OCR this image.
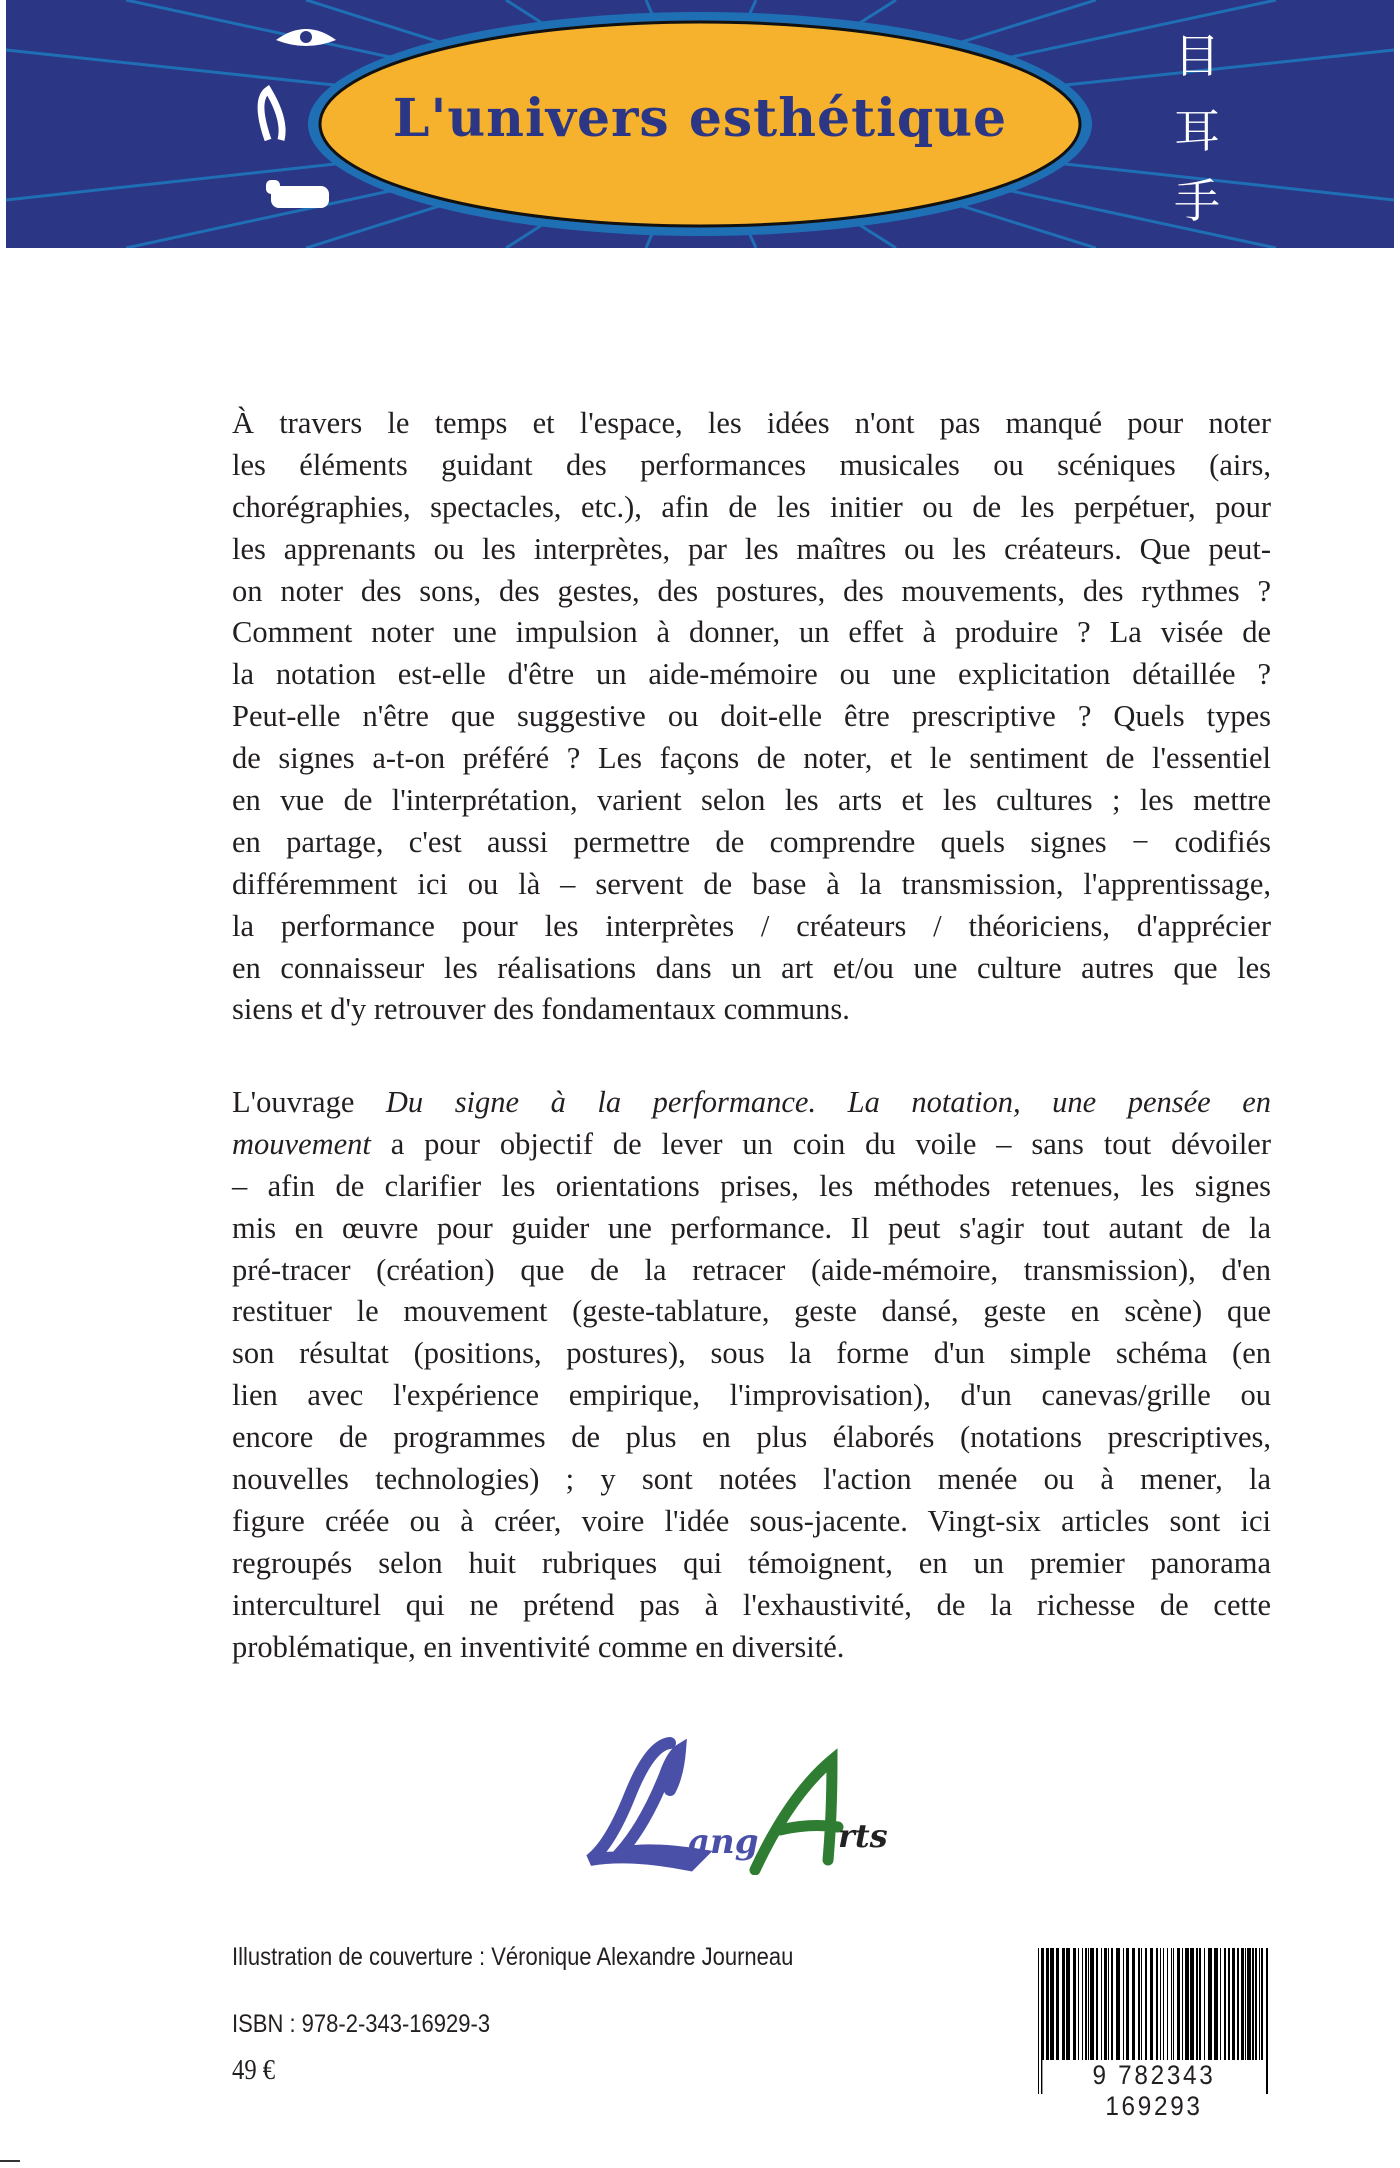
L'univers esthétique
目
耳
手
À travers le temps et l'espace, les idées n'ont pas manqué pour noter
les éléments guidant des performances musicales ou scéniques (airs,
chorégraphies, spectacles, etc.), afin de les initier ou de les perpétuer, pour
les apprenants ou les interprètes, par les maîtres ou les créateurs. Que peut-
on noter des sons, des gestes, des postures, des mouvements, des rythmes ?
Comment noter une impulsion à donner, un effet à produire ? La visée de
la notation est-elle d'être un aide-mémoire ou une explicitation détaillée ?
Peut-elle n'être que suggestive ou doit-elle être prescriptive ? Quels types
de signes a-t-on préféré ? Les façons de noter, et le sentiment de l'essentiel
en vue de l'interprétation, varient selon les arts et les cultures ; les mettre
en partage, c'est aussi permettre de comprendre quels signes − codifiés
différemment ici ou là – servent de base à la transmission, l'apprentissage,
la performance pour les interprètes / créateurs / théoriciens, d'apprécier
en connaisseur les réalisations dans un art et/ou une culture autres que les
siens et d'y retrouver des fondamentaux communs.
L'ouvrage Du signe à la performance. La notation, une pensée en
mouvement a pour objectif de lever un coin du voile – sans tout dévoiler
– afin de clarifier les orientations prises, les méthodes retenues, les signes
mis en œuvre pour guider une performance. Il peut s'agir tout autant de la
pré-tracer (création) que de la retracer (aide-mémoire, transmission), d'en
restituer le mouvement (geste-tablature, geste dansé, geste en scène) que
son résultat (positions, postures), sous la forme d'un simple schéma (en
lien avec l'expérience empirique, l'improvisation), d'un canevas/grille ou
encore de programmes de plus en plus élaborés (notations prescriptives,
nouvelles technologies) ; y sont notées l'action menée ou à mener, la
figure créée ou à créer, voire l'idée sous-jacente. Vingt-six articles sont ici
regroupés selon huit rubriques qui témoignent, en un premier panorama
interculturel qui ne prétend pas à l'exhaustivité, de la richesse de cette
problématique, en inventivité comme en diversité.
ang rts
Illustration de couverture : Véronique Alexandre Journeau
ISBN : 978-2-343-16929-3
49 €	9 782343 169293
